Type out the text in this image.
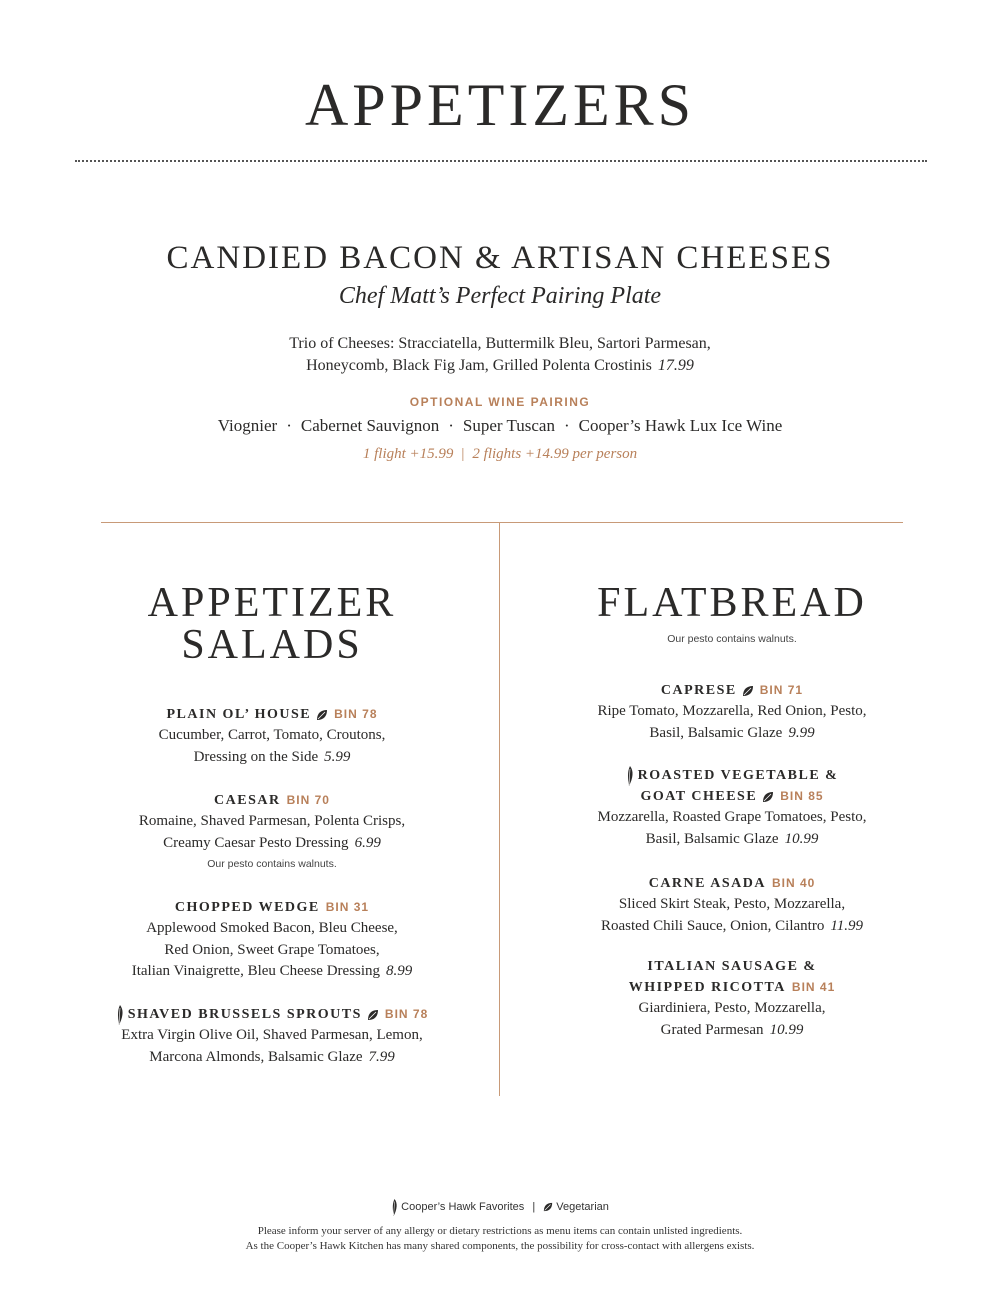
APPETIZERS
CANDIED BACON & ARTISAN CHEESES
Chef Matt’s Perfect Pairing Plate
Trio of Cheeses: Stracciatella, Buttermilk Bleu, Sartori Parmesan,
Honeycomb, Black Fig Jam, Grilled Polenta Crostinis 17.99
OPTIONAL WINE PAIRING
Viognier · Cabernet Sauvignon · Super Tuscan · Cooper’s Hawk Lux Ice Wine
1 flight +15.99 | 2 flights +14.99 per person
APPETIZER
SALADS
PLAIN OL’ HOUSE BIN 78
Cucumber, Carrot, Tomato, Croutons,
Dressing on the Side 5.99
CAESAR BIN 70
Romaine, Shaved Parmesan, Polenta Crisps,
Creamy Caesar Pesto Dressing 6.99
Our pesto contains walnuts.
CHOPPED WEDGE BIN 31
Applewood Smoked Bacon, Bleu Cheese,
Red Onion, Sweet Grape Tomatoes,
Italian Vinaigrette, Bleu Cheese Dressing 8.99
SHAVED BRUSSELS SPROUTS BIN 78
Extra Virgin Olive Oil, Shaved Parmesan, Lemon,
Marcona Almonds, Balsamic Glaze 7.99
FLATBREAD
Our pesto contains walnuts.
CAPRESE BIN 71
Ripe Tomato, Mozzarella, Red Onion, Pesto,
Basil, Balsamic Glaze 9.99
ROASTED VEGETABLE &
GOAT CHEESE BIN 85
Mozzarella, Roasted Grape Tomatoes, Pesto,
Basil, Balsamic Glaze 10.99
CARNE ASADA BIN 40
Sliced Skirt Steak, Pesto, Mozzarella,
Roasted Chili Sauce, Onion, Cilantro 11.99
ITALIAN SAUSAGE &
WHIPPED RICOTTA BIN 41
Giardiniera, Pesto, Mozzarella,
Grated Parmesan 10.99
Cooper’s Hawk Favorites | Vegetarian
Please inform your server of any allergy or dietary restrictions as menu items can contain unlisted ingredients.
As the Cooper’s Hawk Kitchen has many shared components, the possibility for cross-contact with allergens exists.
